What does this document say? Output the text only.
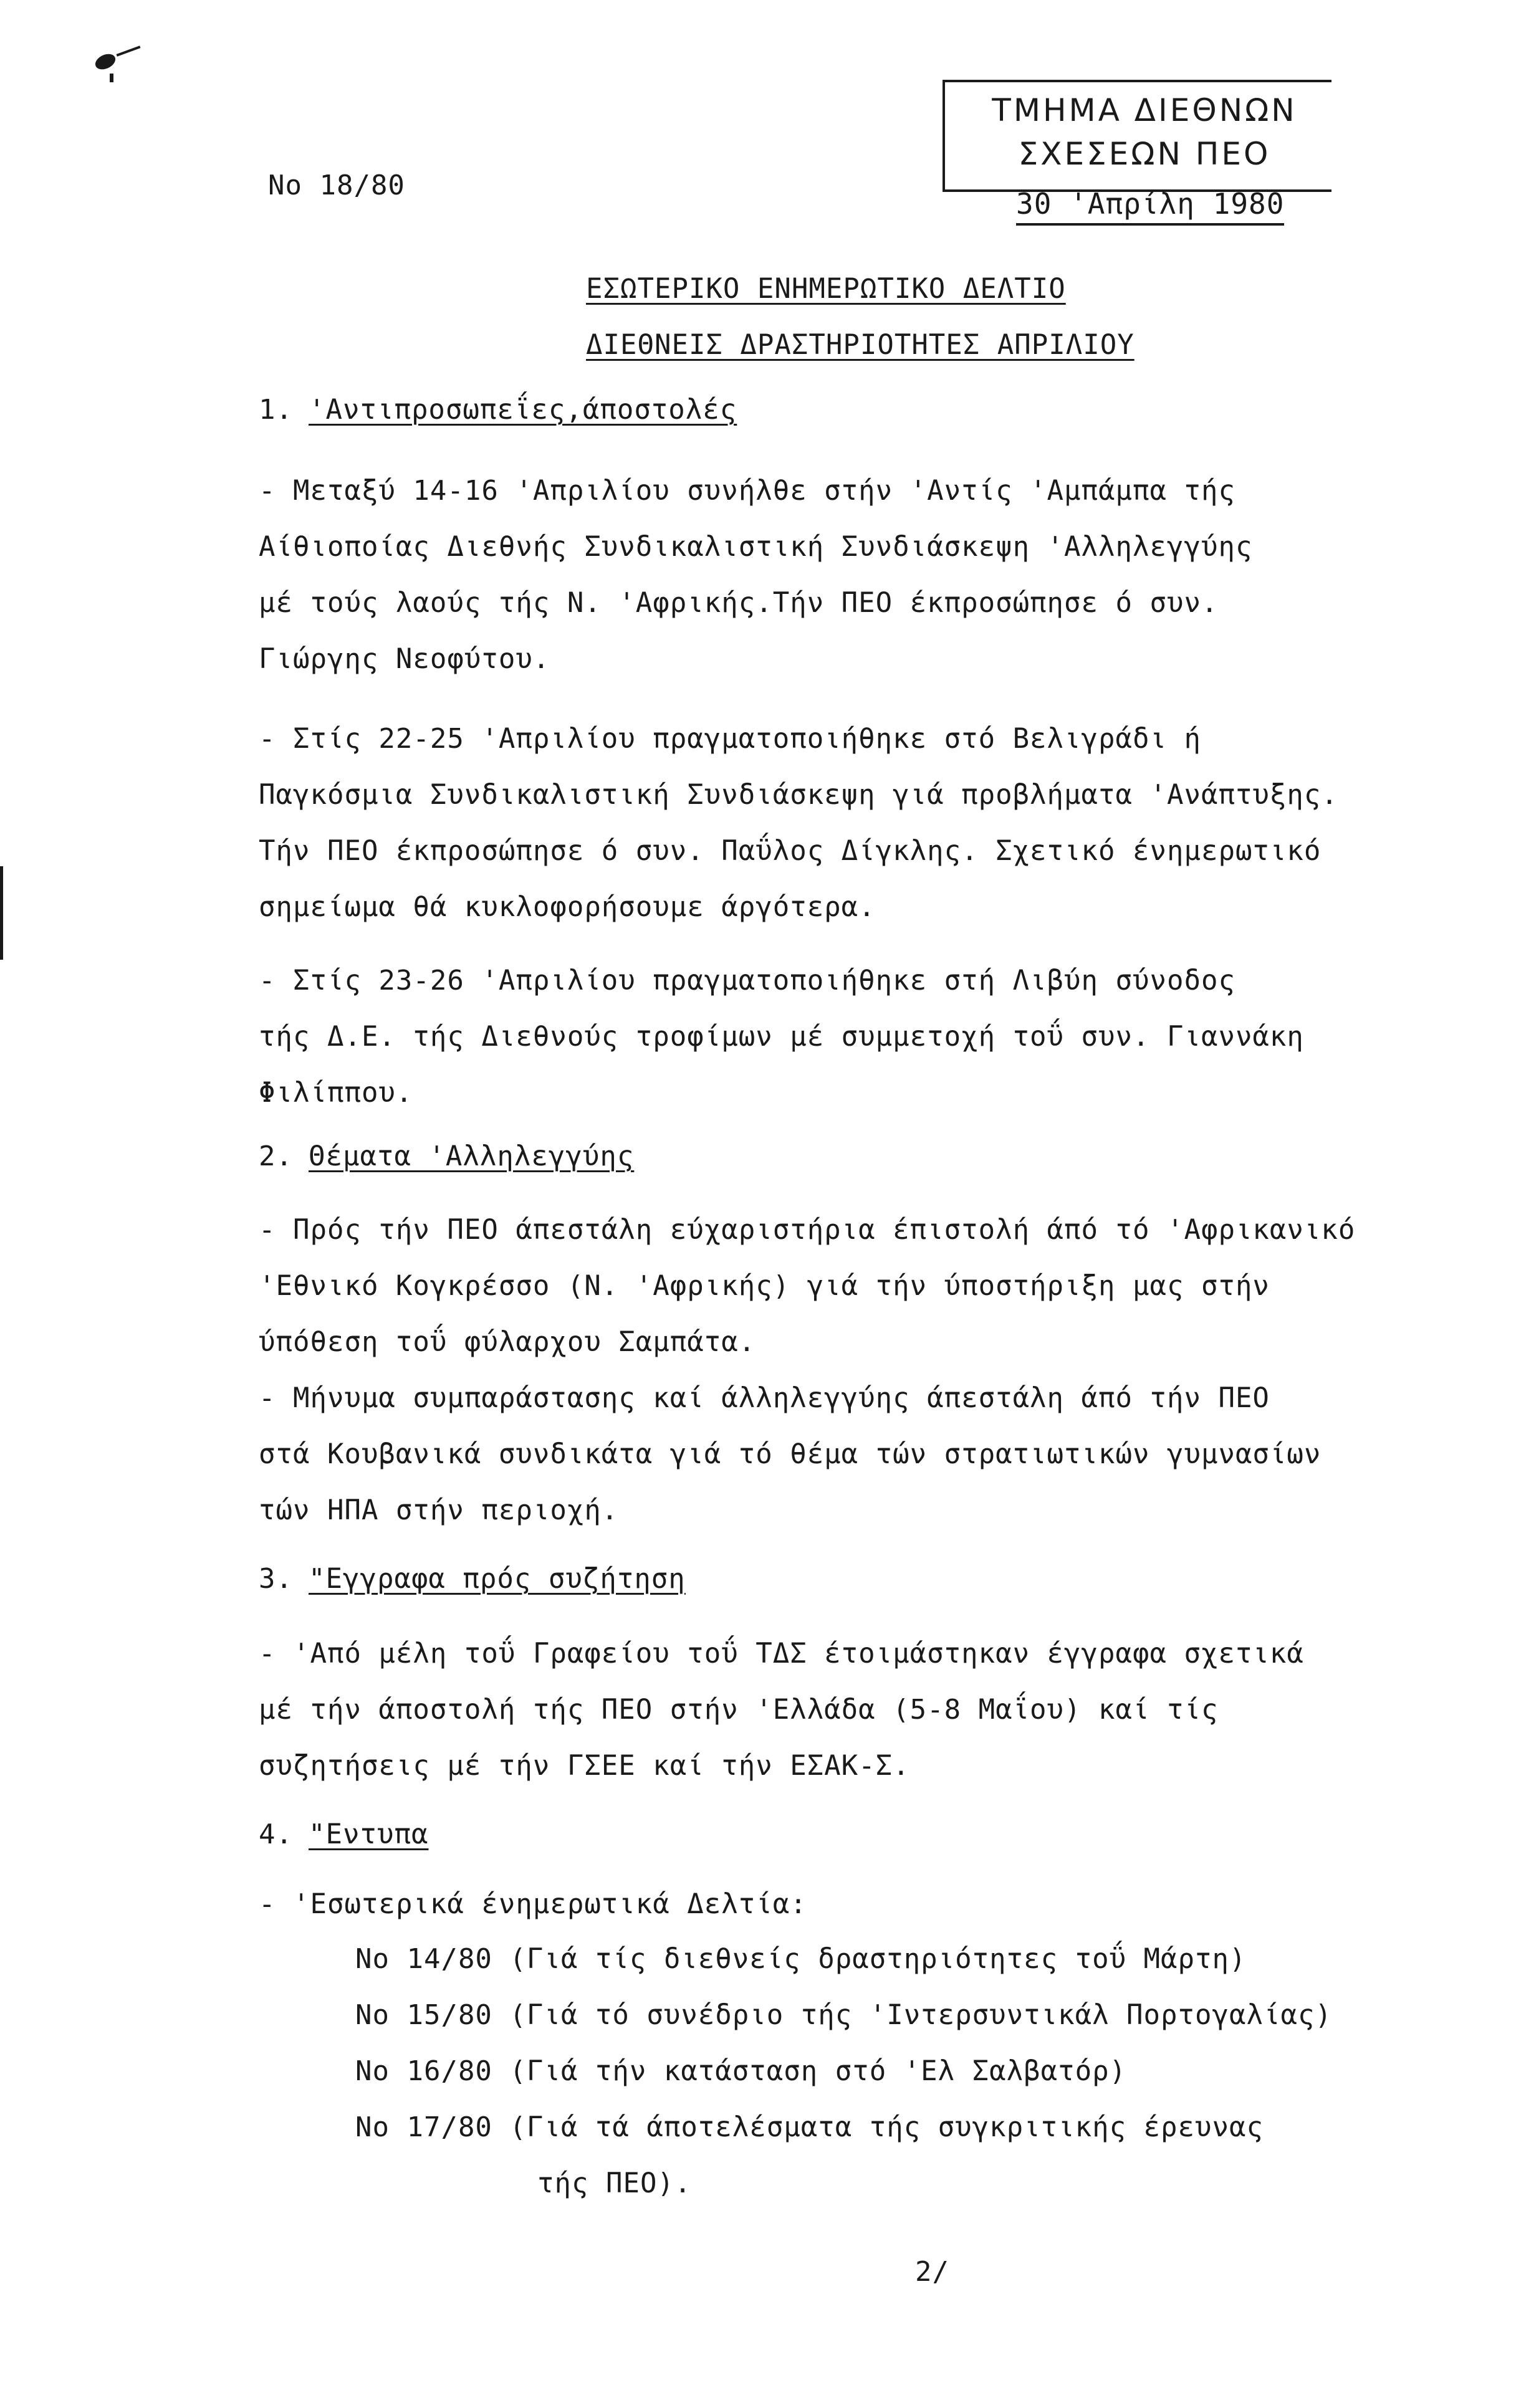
No 18/80
ΤΜΗΜΑ ΔΙΕΘΝΩΝ
ΣΧΕΣΕΩΝ ΠΕΟ
30 'Απρίλη 1980
ΕΣΩΤΕΡΙΚΟ ΕΝΗΜΕΡΩΤΙΚΟ ΔΕΛΤΙΟ
ΔΙΕΘΝΕΙΣ ΔΡΑΣΤΗΡΙΟΤΗΤΕΣ ΑΠΡΙΛΙΟΥ
1. 'Αντιπροσωπεΐες,άποστολές
- Μεταξύ 14-16 'Απριλίου συνήλθε στήν 'Αντίς 'Αμπάμπα τής
Αίθιοποίας Διεθνής Συνδικαλιστική Συνδιάσκεψη 'Αλληλεγγύης
μέ τούς λαούς τής Ν. 'Αφρικής.Τήν ΠΕΟ έκπροσώπησε ό συν.
Γιώργης Νεοφύτου.
- Στίς 22-25 'Απριλίου πραγματοποιήθηκε στό Βελιγράδι ή
Παγκόσμια Συνδικαλιστική Συνδιάσκεψη γιά προβλήματα 'Ανάπτυξης.
Τήν ΠΕΟ έκπροσώπησε ό συν. Παΰλος Δίγκλης. Σχετικό ένημερωτικό
σημείωμα θά κυκλοφορήσουμε άργότερα.
- Στίς 23-26 'Απριλίου πραγματοποιήθηκε στή Λιβύη σύνοδος
τής Δ.Ε. τής Διεθνούς τροφίμων μέ συμμετοχή τοΰ συν. Γιαννάκη
Φιλίππου.
2. Θέματα 'Αλληλεγγύης
- Πρός τήν ΠΕΟ άπεστάλη εύχαριστήρια έπιστολή άπό τό 'Αφρικανικό
'Εθνικό Κογκρέσσο (Ν. 'Αφρικής) γιά τήν ύποστήριξη μας στήν
ύπόθεση τοΰ φύλαρχου Σαμπάτα.
- Μήνυμα συμπαράστασης καί άλληλεγγύης άπεστάλη άπό τήν ΠΕΟ
στά Κουβανικά συνδικάτα γιά τό θέμα τών στρατιωτικών γυμνασίων
τών ΗΠΑ στήν περιοχή.
3. "Εγγραφα πρός συζήτηση
- 'Από μέλη τοΰ Γραφείου τοΰ ΤΔΣ έτοιμάστηκαν έγγραφα σχετικά
μέ τήν άποστολή τής ΠΕΟ στήν 'Ελλάδα (5-8 Μαΐου) καί τίς
συζητήσεις μέ τήν ΓΣΕΕ καί τήν ΕΣΑΚ-Σ.
4. "Εντυπα
- 'Εσωτερικά ένημερωτικά Δελτία:
No 14/80 (Γιά τίς διεθνείς δραστηριότητες τοΰ Μάρτη)
No 15/80 (Γιά τό συνέδριο τής 'Ιντερσυντικάλ Πορτογαλίας)
No 16/80 (Γιά τήν κατάσταση στό 'Ελ Σαλβατόρ)
No 17/80 (Γιά τά άποτελέσματα τής συγκριτικής έρευνας
τής ΠΕΟ).
2/
